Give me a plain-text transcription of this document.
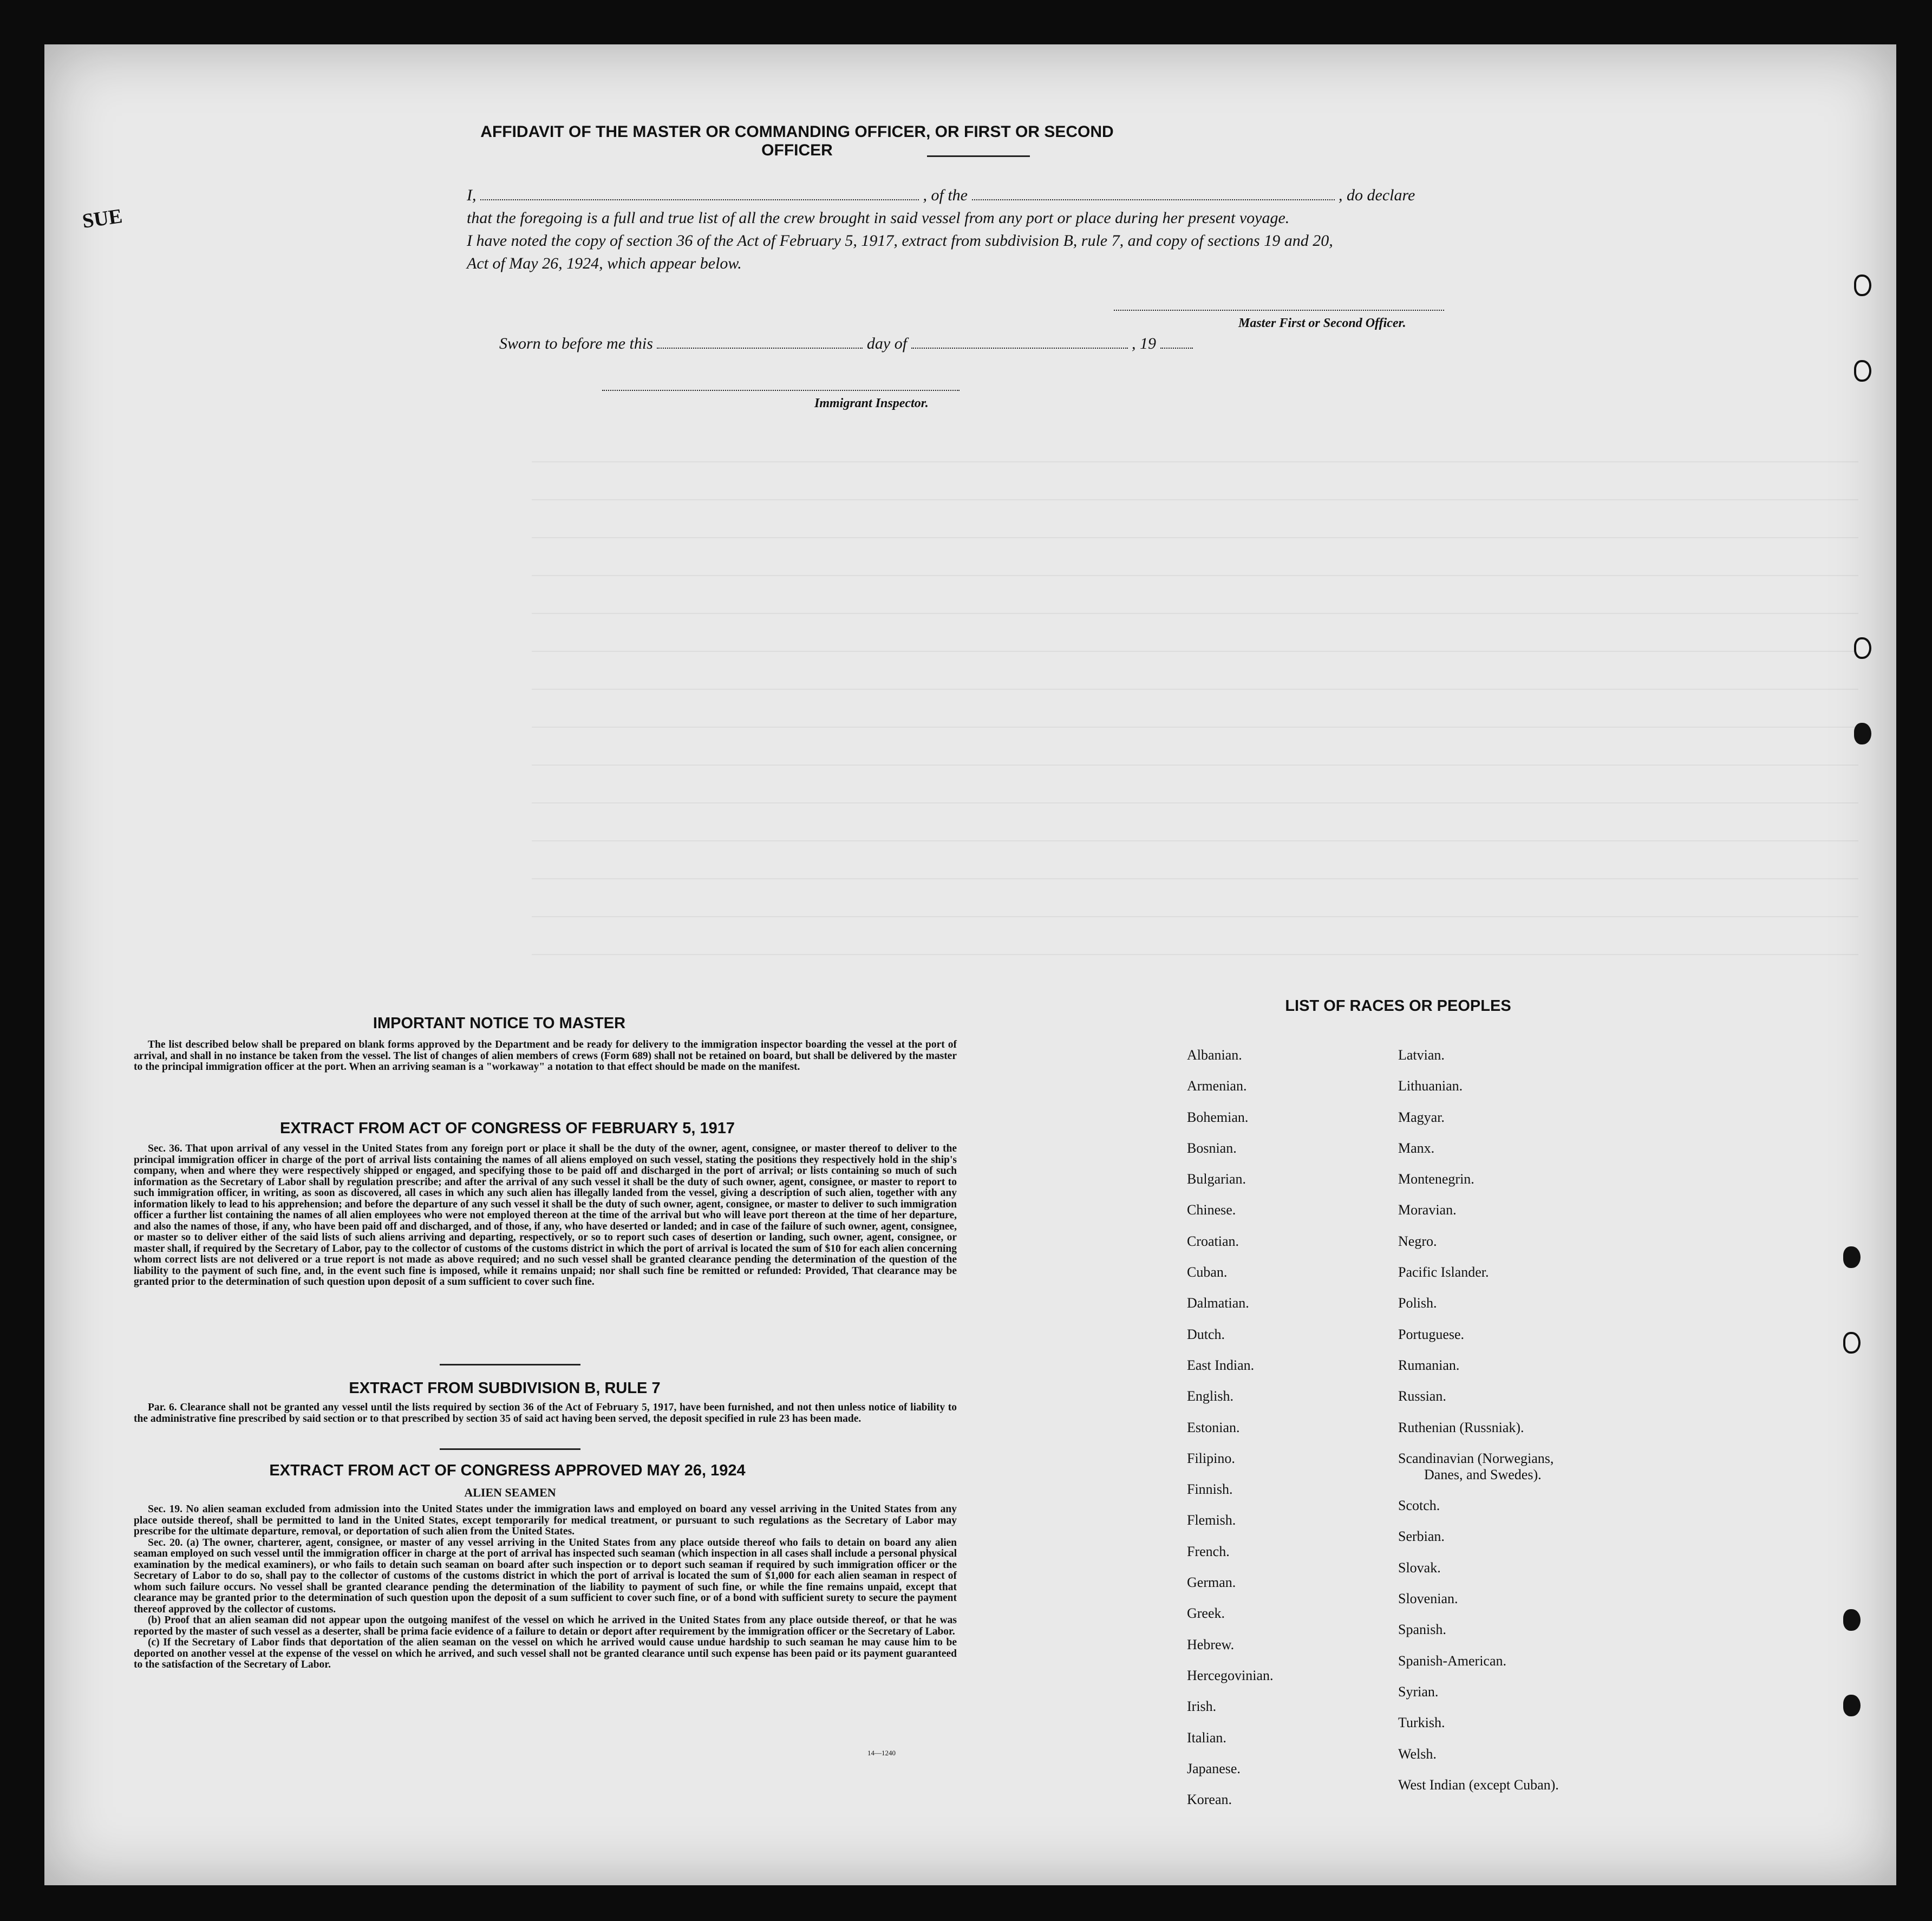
SUE
AFFIDAVIT OF THE MASTER OR COMMANDING OFFICER, OR FIRST OR SECOND OFFICER
I,	, of the	, do declare
that the foregoing is a full and true list of all the crew brought in said vessel from any port or place during her present voyage.
I have noted the copy of section 36 of the Act of February 5, 1917, extract from subdivision B, rule 7, and copy of sections 19 and 20,
Act of May 26, 1924, which appear below.
Master First or Second Officer.
Sworn to before me this	day of	, 19
Immigrant Inspector.
IMPORTANT NOTICE TO MASTER

The list described below shall be prepared on blank forms approved by the Department and be ready for delivery to the immigration inspector boarding the vessel at the port of arrival, and shall in no instance be taken from the vessel. The list of changes of alien members of crews (Form 689) shall not be retained on board, but shall be delivered by the master to the principal immigration officer at the port. When an arriving seaman is a "workaway" a notation to that effect should be made on the manifest.

EXTRACT FROM ACT OF CONGRESS OF FEBRUARY 5, 1917

Sec. 36. That upon arrival of any vessel in the United States from any foreign port or place it shall be the duty of the owner, agent, consignee, or master thereof to deliver to the principal immigration officer in charge of the port of arrival lists containing the names of all aliens employed on such vessel, stating the positions they respectively hold in the ship's company, when and where they were respectively shipped or engaged, and specifying those to be paid off and discharged in the port of arrival; or lists containing so much of such information as the Secretary of Labor shall by regulation prescribe; and after the arrival of any such vessel it shall be the duty of such owner, agent, consignee, or master to report to such immigration officer, in writing, as soon as discovered, all cases in which any such alien has illegally landed from the vessel, giving a description of such alien, together with any information likely to lead to his apprehension; and before the departure of any such vessel it shall be the duty of such owner, agent, consignee, or master to deliver to such immigration officer a further list containing the names of all alien employees who were not employed thereon at the time of the arrival but who will leave port thereon at the time of her departure, and also the names of those, if any, who have been paid off and discharged, and of those, if any, who have deserted or landed; and in case of the failure of such owner, agent, consignee, or master so to deliver either of the said lists of such aliens arriving and departing, respectively, or so to report such cases of desertion or landing, such owner, agent, consignee, or master shall, if required by the Secretary of Labor, pay to the collector of customs of the customs district in which the port of arrival is located the sum of $10 for each alien concerning whom correct lists are not delivered or a true report is not made as above required; and no such vessel shall be granted clearance pending the determination of the question of the liability to the payment of such fine, and, in the event such fine is imposed, while it remains unpaid; nor shall such fine be remitted or refunded: Provided, That clearance may be granted prior to the determination of such question upon deposit of a sum sufficient to cover such fine.

EXTRACT FROM SUBDIVISION B, RULE 7

Par. 6. Clearance shall not be granted any vessel until the lists required by section 36 of the Act of February 5, 1917, have been furnished, and not then unless notice of liability to the administrative fine prescribed by said section or to that prescribed by section 35 of said act having been served, the deposit specified in rule 23 has been made.

EXTRACT FROM ACT OF CONGRESS APPROVED MAY 26, 1924
ALIEN SEAMEN

Sec. 19. No alien seaman excluded from admission into the United States under the immigration laws and employed on board any vessel arriving in the United States from any place outside thereof, shall be permitted to land in the United States, except temporarily for medical treatment, or pursuant to such regulations as the Secretary of Labor may prescribe for the ultimate departure, removal, or deportation of such alien from the United States.

Sec. 20. (a) The owner, charterer, agent, consignee, or master of any vessel arriving in the United States from any place outside thereof who fails to detain on board any alien seaman employed on such vessel until the immigration officer in charge at the port of arrival has inspected such seaman (which inspection in all cases shall include a personal physical examination by the medical examiners), or who fails to detain such seaman on board after such inspection or to deport such seaman if required by such immigration officer or the Secretary of Labor to do so, shall pay to the collector of customs of the customs district in which the port of arrival is located the sum of $1,000 for each alien seaman in respect of whom such failure occurs. No vessel shall be granted clearance pending the determination of the liability to payment of such fine, or while the fine remains unpaid, except that clearance may be granted prior to the determination of such question upon the deposit of a sum sufficient to cover such fine, or of a bond with sufficient surety to secure the payment thereof approved by the collector of customs.

(b) Proof that an alien seaman did not appear upon the outgoing manifest of the vessel on which he arrived in the United States from any place outside thereof, or that he was reported by the master of such vessel as a deserter, shall be prima facie evidence of a failure to detain or deport after requirement by the immigration officer or the Secretary of Labor.

(c) If the Secretary of Labor finds that deportation of the alien seaman on the vessel on which he arrived would cause undue hardship to such seaman he may cause him to be deported on another vessel at the expense of the vessel on which he arrived, and such vessel shall not be granted clearance until such expense has been paid or its payment guaranteed to the satisfaction of the Secretary of Labor.

14—1240
LIST OF RACES OR PEOPLES
Albanian.
Armenian.
Bohemian.
Bosnian.
Bulgarian.
Chinese.
Croatian.
Cuban.
Dalmatian.
Dutch.
East Indian.
English.
Estonian.
Filipino.
Finnish.
Flemish.
French.
German.
Greek.
Hebrew.
Hercegovinian.
Irish.
Italian.
Japanese.
Korean.
Latvian.
Lithuanian.
Magyar.
Manx.
Montenegrin.
Moravian.
Negro.
Pacific Islander.
Polish.
Portuguese.
Rumanian.
Russian.
Ruthenian (Russniak).
Scandinavian (Norwegians,
Danes, and Swedes).
Scotch.
Serbian.
Slovak.
Slovenian.
Spanish.
Spanish-American.
Syrian.
Turkish.
Welsh.
West Indian (except Cuban).
